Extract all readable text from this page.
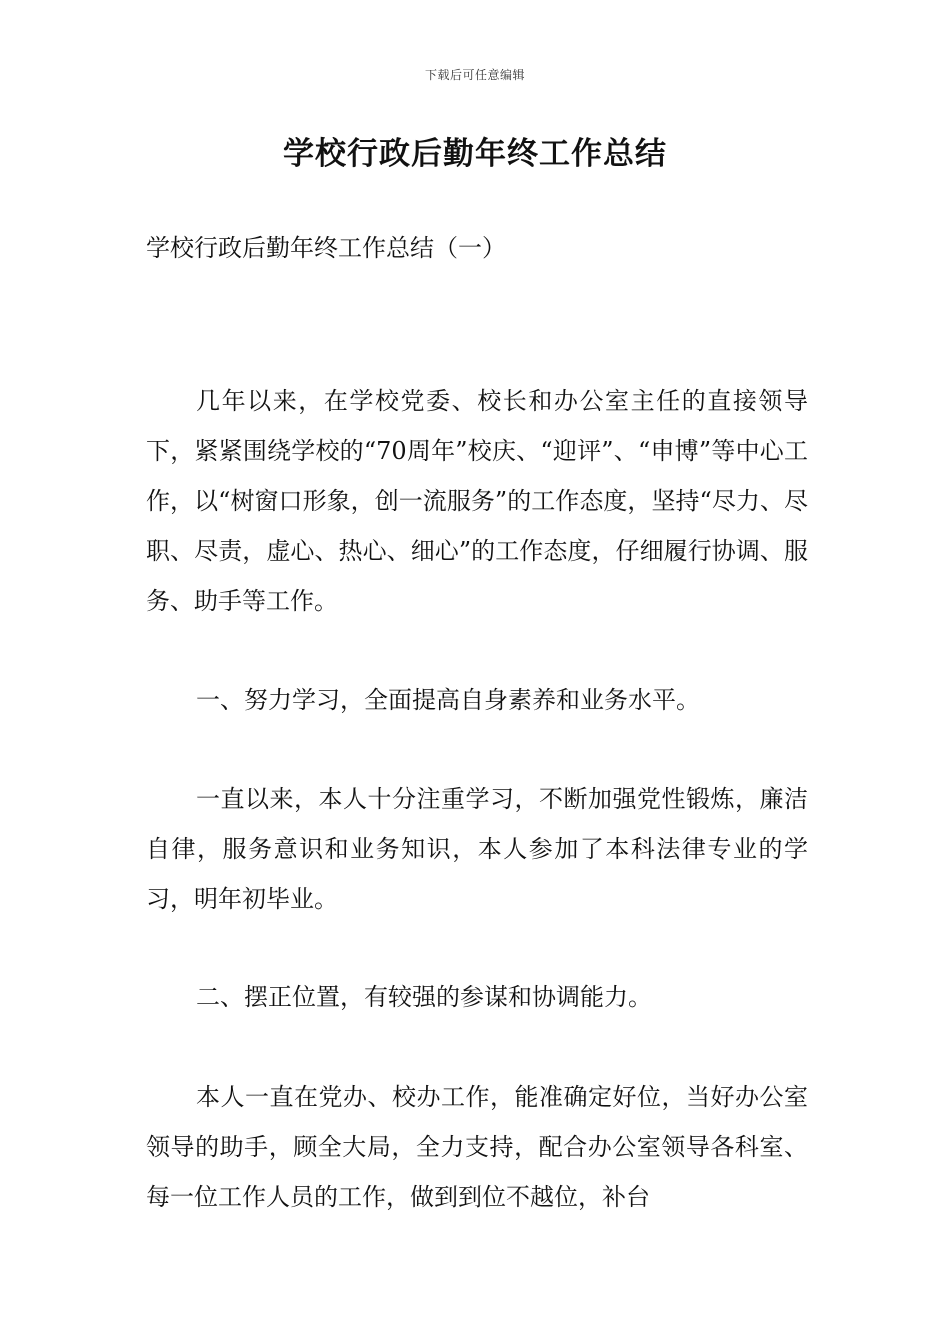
下载后可任意编辑
学校行政后勤年终工作总结
学校行政后勤年终工作总结（一）

几年以来，在学校党委、校长和办公室主任的直接领导下，紧紧围绕学校的“70周年”校庆、“迎评”、“申博”等中心工作，以“树窗口形象，创一流服务”的工作态度，坚持“尽力、尽职、尽责，虚心、热心、细心”的工作态度，仔细履行协调、服务、助手等工作。

一、努力学习，全面提高自身素养和业务水平。

一直以来，本人十分注重学习，不断加强党性锻炼，廉洁自律，服务意识和业务知识，本人参加了本科法律专业的学习，明年初毕业。

二、摆正位置，有较强的参谋和协调能力。

本人一直在党办、校办工作，能准确定好位，当好办公室领导的助手，顾全大局，全力支持，配合办公室领导各科室、每一位工作人员的工作，做到到位不越位，补台
